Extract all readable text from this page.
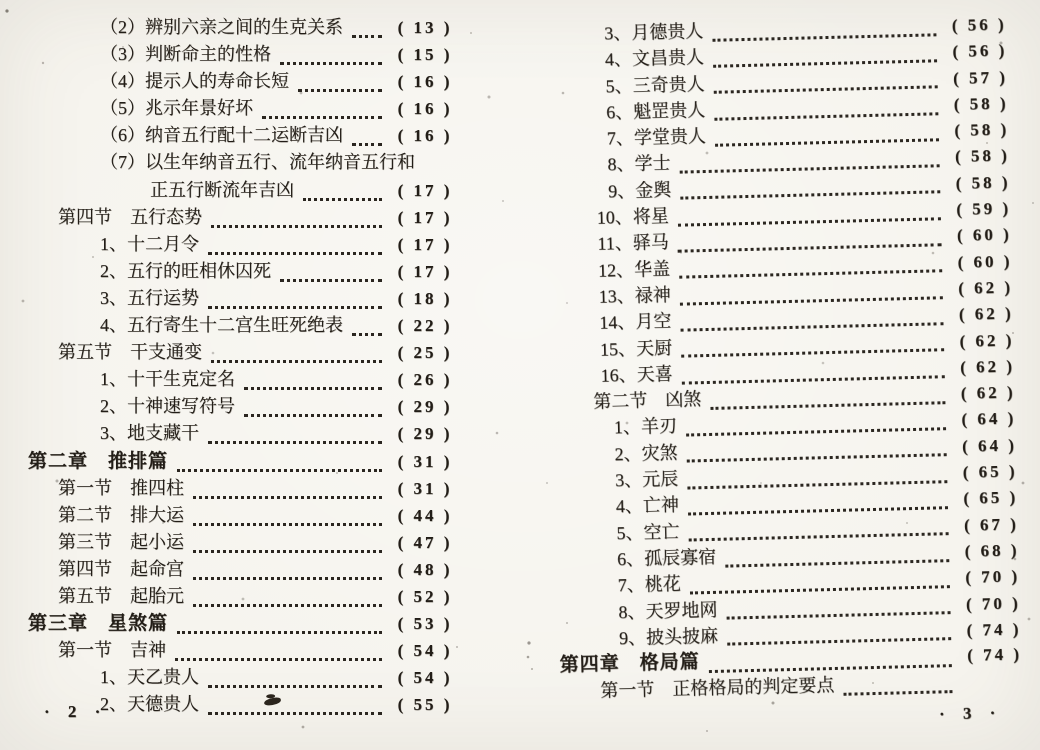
（2）辨别六亲之间的生克关系	( 13 )
（3）判断命主的性格	( 15 )
（4）提示人的寿命长短	( 16 )
（5）兆示年景好坏	( 16 )
（6）纳音五行配十二运断吉凶	( 16 )
（7）以生年纳音五行、流年纳音五行和
正五行断流年吉凶	( 17 )
第四节　五行态势	( 17 )
1、十二月令	( 17 )
2、五行的旺相休囚死	( 17 )
3、五行运势	( 18 )
4、五行寄生十二宫生旺死绝表	( 22 )
第五节　干支通变	( 25 )
1、十干生克定名	( 26 )
2、十神速写符号	( 29 )
3、地支藏干	( 29 )
第二章　推排篇	( 31 )
第一节　推四柱	( 31 )
第二节　排大运	( 44 )
第三节　起小运	( 47 )
第四节　起命宫	( 48 )
第五节　起胎元	( 52 )
第三章　星煞篇	( 53 )
第一节　吉神	( 54 )
1、天乙贵人	( 54 )
2、天德贵人	( 55 )
· 2 ·
3、月德贵人	( 56 )
4、文昌贵人	( 56 )
5、三奇贵人	( 57 )
6、魁罡贵人	( 58 )
7、学堂贵人	( 58 )
8、学士	( 58 )
9、金舆	( 58 )
10、将星	( 59 )
11、驿马	( 60 )
12、华盖	( 60 )
13、禄神	( 62 )
14、月空	( 62 )
15、天厨	( 62 )
16、天喜	( 62 )
第二节　凶煞	( 62 )
1、羊刃	( 64 )
2、灾煞	( 64 )
3、元辰	( 65 )
4、亡神	( 65 )
5、空亡	( 67 )
6、孤辰寡宿	( 68 )
7、桃花	( 70 )
8、天罗地网	( 70 )
9、披头披麻	( 74 )
第四章　格局篇	( 74 )
第一节　正格格局的判定要点
· 3 ·
